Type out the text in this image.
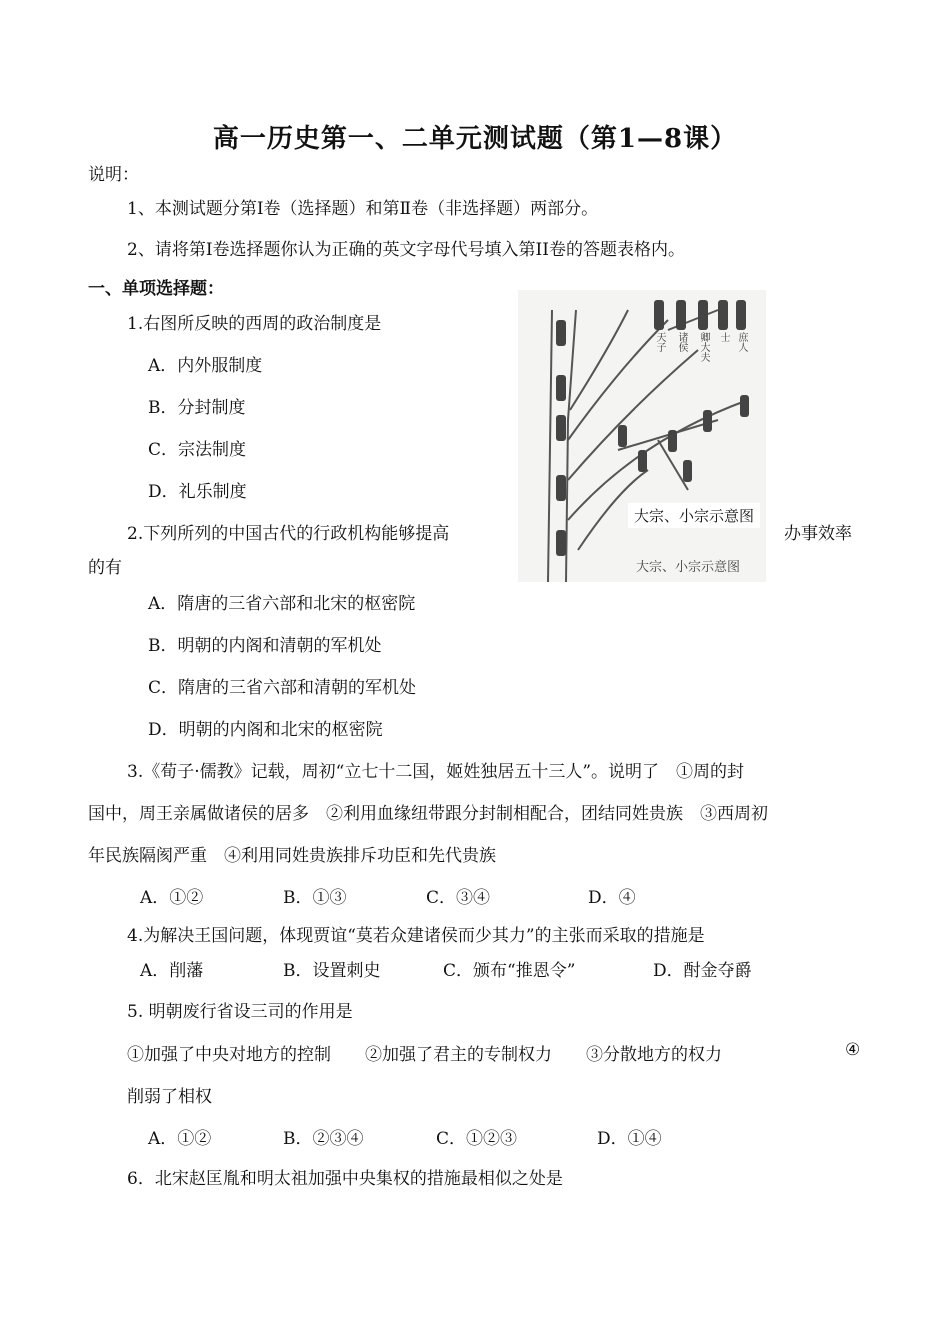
高一历史第一、二单元测试题（第1—8课）
说明：
1、本测试题分第Ⅰ卷（选择题）和第Ⅱ卷（非选择题）两部分。
2、请将第Ⅰ卷选择题你认为正确的英文字母代号填入第II卷的答题表格内。
一、单项选择题：
1.右图所反映的西周的政治制度是
A．内外服制度
B．分封制度
C．宗法制度
D．礼乐制度
天子 诸侯 卿大夫 士 庶人
大宗、小宗示意图
大宗、小宗示意图
2.下列所列的中国古代的行政机构能够提高	办事效率
的有
A．隋唐的三省六部和北宋的枢密院
B．明朝的内阁和清朝的军机处
C．隋唐的三省六部和清朝的军机处
D．明朝的内阁和北宋的枢密院
3.《荀子·儒教》记载，周初“立七十二国，姬姓独居五十三人”。说明了　①周的封
国中，周王亲属做诸侯的居多　②利用血缘纽带跟分封制相配合，团结同姓贵族　③西周初
年民族隔阂严重　④利用同姓贵族排斥功臣和先代贵族
A．①②	B．①③	C．③④	D．④
4.为解决王国问题，体现贾谊“莫若众建诸侯而少其力”的主张而采取的措施是
A．削藩	B．设置刺史	C．颁布“推恩令”	D．酎金夺爵
5. 明朝废行省设三司的作用是
①加强了中央对地方的控制　　②加强了君主的专制权力　　③分散地方的权力	④
削弱了相权
A．①②	B．②③④	C．①②③	D．①④
6．北宋赵匡胤和明太祖加强中央集权的措施最相似之处是
